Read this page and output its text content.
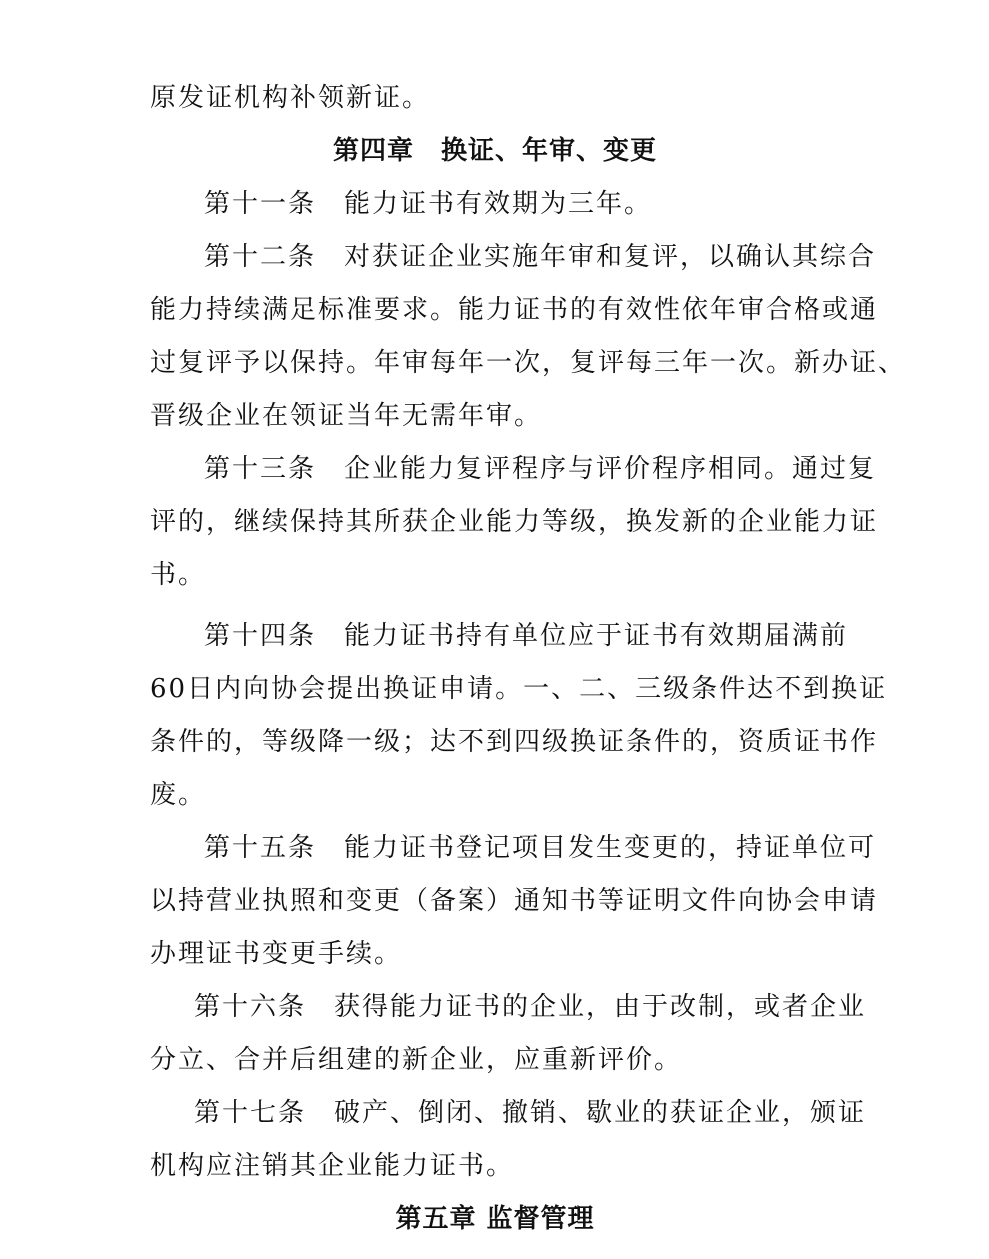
原发证机构补领新证。
第四章　换证、年审、变更
第十一条　能力证书有效期为三年。
第十二条　对获证企业实施年审和复评，以确认其综合
能力持续满足标准要求。能力证书的有效性依年审合格或通
过复评予以保持。年审每年一次，复评每三年一次。新办证、
晋级企业在领证当年无需年审。
第十三条　企业能力复评程序与评价程序相同。通过复
评的，继续保持其所获企业能力等级，换发新的企业能力证
书。
第十四条　能力证书持有单位应于证书有效期届满前
60日内向协会提出换证申请。一、二、三级条件达不到换证
条件的，等级降一级；达不到四级换证条件的，资质证书作
废。
第十五条　能力证书登记项目发生变更的，持证单位可
以持营业执照和变更（备案）通知书等证明文件向协会申请
办理证书变更手续。
第十六条　获得能力证书的企业，由于改制，或者企业
分立、合并后组建的新企业，应重新评价。
第十七条　破产、倒闭、撤销、歇业的获证企业，颁证
机构应注销其企业能力证书。
第五章 监督管理
